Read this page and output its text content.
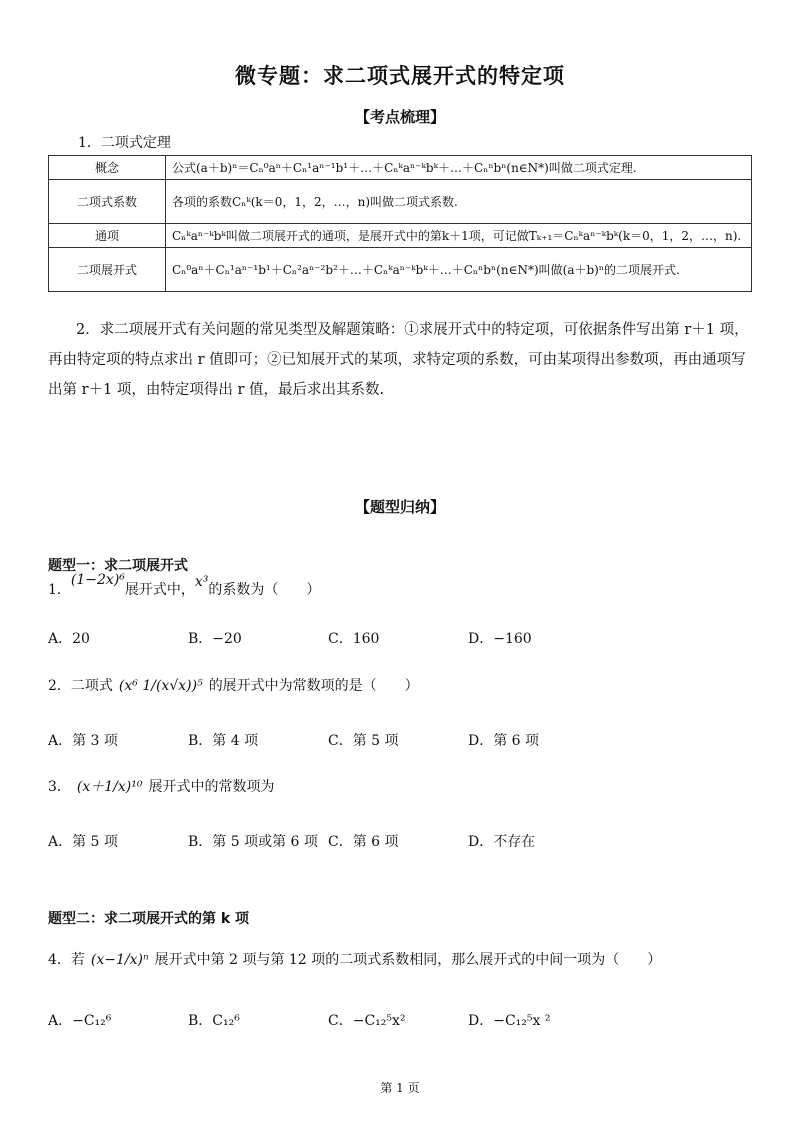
微专题：求二项式展开式的特定项
【考点梳理】
1．二项式定理
概念	公式(a＋b)ⁿ＝Cₙ⁰aⁿ＋Cₙ¹aⁿ⁻¹b¹＋…＋Cₙᵏaⁿ⁻ᵏbᵏ＋…＋Cₙⁿbⁿ(n∈N*)叫做二项式定理.
二项式系数	各项的系数Cₙᵏ(k＝0，1，2，…，n)叫做二项式系数.
通项	Cₙᵏaⁿ⁻ᵏbᵏ叫做二项展开式的通项，是展开式中的第k＋1项，可记做Tₖ₊₁＝Cₙᵏaⁿ⁻ᵏbᵏ(k＝0，1，2，…，n).
二项展开式	Cₙ⁰aⁿ＋Cₙ¹aⁿ⁻¹b¹＋Cₙ²aⁿ⁻²b²＋…＋Cₙᵏaⁿ⁻ᵏbᵏ＋…＋Cₙⁿbⁿ(n∈N*)叫做(a＋b)ⁿ的二项展开式.
2．求二项展开式有关问题的常见类型及解题策略：①求展开式中的特定项，可依据条件写出第 r＋1 项，再由特定项的特点求出 r 值即可；②已知展开式的某项，求特定项的系数，可由某项得出参数项，再由通项写出第 r＋1 项，由特定项得出 r 值，最后求出其系数.
【题型归纳】
题型一：求二项展开式
1．(1−2x)⁶展开式中，x³的系数为（　　）
A．20	B．−20	C．160	D．−160
2．二项式 (x⁶ 1/(x√x))⁵ 的展开式中为常数项的是（　　）
A．第 3 项	B．第 4 项	C．第 5 项	D．第 6 项
3． (x＋1/x)¹⁰ 展开式中的常数项为
A．第 5 项	B．第 5 项或第 6 项 C．第 6 项	D．不存在
题型二：求二项展开式的第 k 项
4．若 (x−1/x)ⁿ 展开式中第 2 项与第 12 项的二项式系数相同，那么展开式的中间一项为（　　）
A．−C₁₂⁶	B．C₁₂⁶	C．−C₁₂⁵x²	D．−C₁₂⁵x ²
第 1 页
